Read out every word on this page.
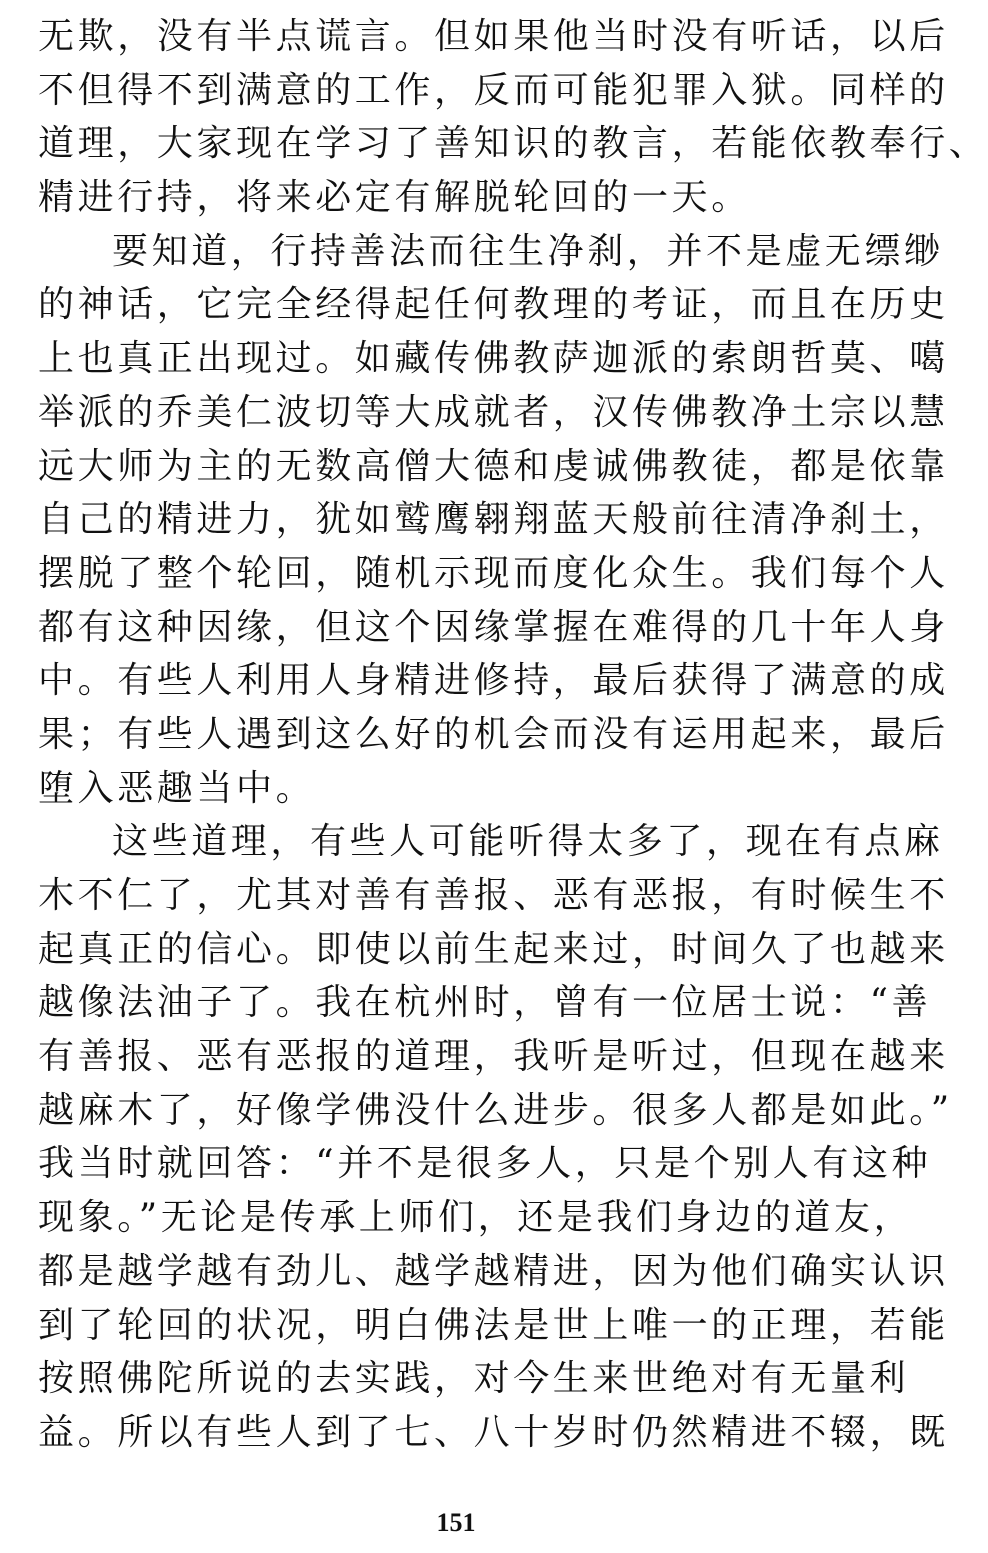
无欺，没有半点谎言。但如果他当时没有听话，以后
不但得不到满意的工作，反而可能犯罪入狱。同样的
道理，大家现在学习了善知识的教言，若能依教奉行、
精进行持，将来必定有解脱轮回的一天。
要知道，行持善法而往生净刹，并不是虚无缥缈
的神话，它完全经得起任何教理的考证，而且在历史
上也真正出现过。如藏传佛教萨迦派的索朗哲莫、噶
举派的乔美仁波切等大成就者，汉传佛教净土宗以慧
远大师为主的无数高僧大德和虔诚佛教徒，都是依靠
自己的精进力，犹如鹫鹰翱翔蓝天般前往清净刹土，
摆脱了整个轮回，随机示现而度化众生。我们每个人
都有这种因缘，但这个因缘掌握在难得的几十年人身
中。有些人利用人身精进修持，最后获得了满意的成
果；有些人遇到这么好的机会而没有运用起来，最后
堕入恶趣当中。
这些道理，有些人可能听得太多了，现在有点麻
木不仁了，尤其对善有善报、恶有恶报，有时候生不
起真正的信心。即使以前生起来过，时间久了也越来
越像法油子了。我在杭州时，曾有一位居士说：“善
有善报、恶有恶报的道理，我听是听过，但现在越来
越麻木了，好像学佛没什么进步。很多人都是如此。”
我当时就回答：“并不是很多人，只是个别人有这种
现象。”无论是传承上师们，还是我们身边的道友，
都是越学越有劲儿、越学越精进，因为他们确实认识
到了轮回的状况，明白佛法是世上唯一的正理，若能
按照佛陀所说的去实践，对今生来世绝对有无量利
益。所以有些人到了七、八十岁时仍然精进不辍，既
151
